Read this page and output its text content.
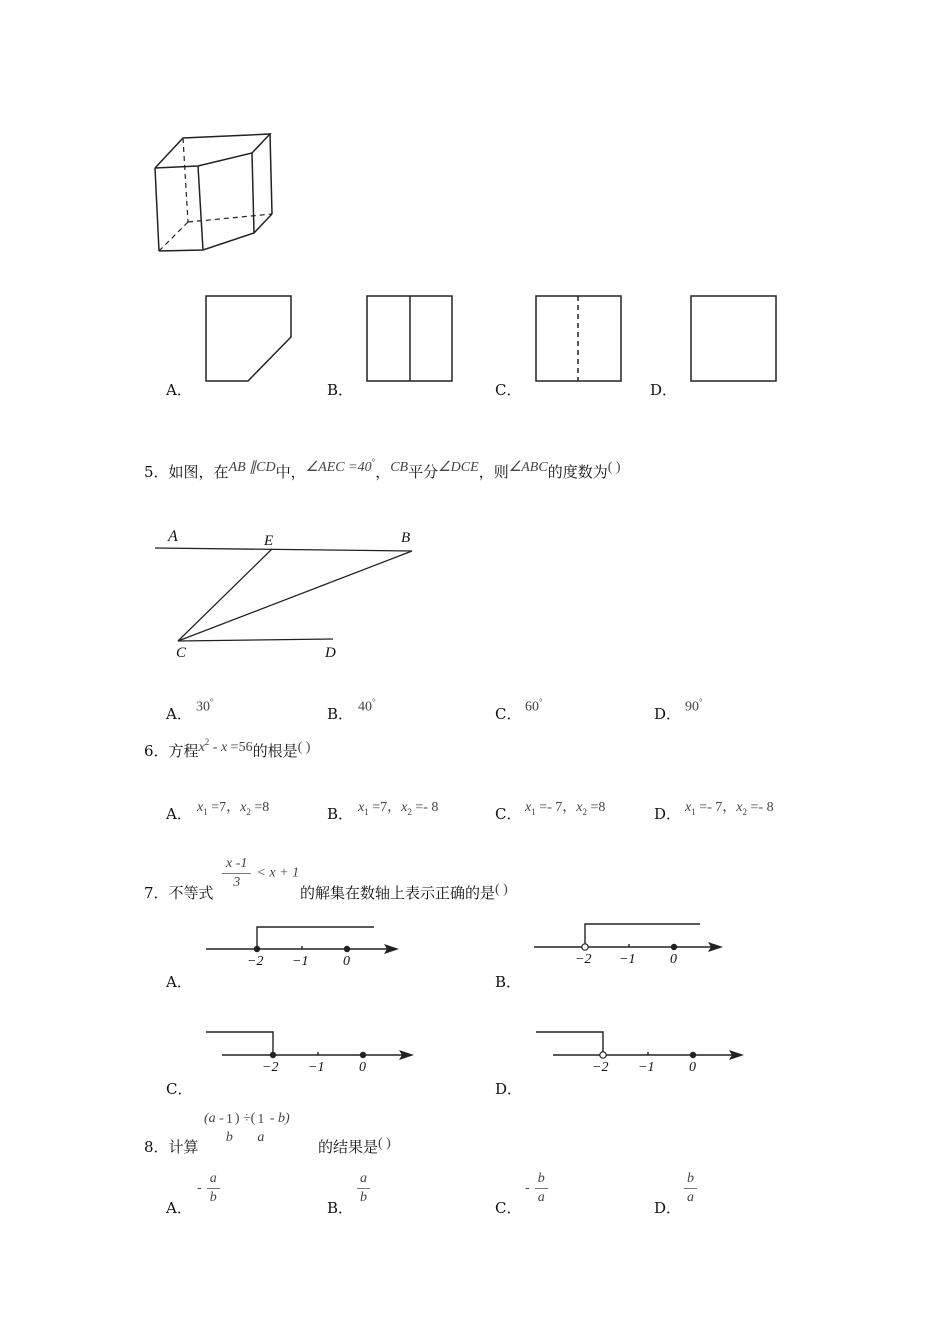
A．	B．	C．	D．
5．如图，在AB ∥CD中，∠AEC =40°，CB平分∠DCE，则∠ABC的度数为( )
A	E	B
C	D
A． 30°
B． 40°
C． 60°
D． 90°
6．方程$x^2 - x =56$的根是( )
A． $x_1 =7$，$x_2 =8$	B． $x_1 =7$，$x_2 =- 8$	C． $x_1 =- 7$，$x_2 =8$	D． $x_1 =- 7$，$x_2 =- 8$
7．不等式
$\frac{x -1}{3} < x + 1$
的解集在数轴上表示正确的是( )
−2 −1 0
A．
−2 −1 0
B．
−2 −1 0
C．
−2 −1 0
D．
8．计算
(a - 1
b
) ÷( 1
a
- b)
的结果是( )
A．
- $\frac{a}{b}$
B．
$\frac{a}{b}$
C．
- $\frac{b}{a}$
D．
$\frac{b}{a}$
